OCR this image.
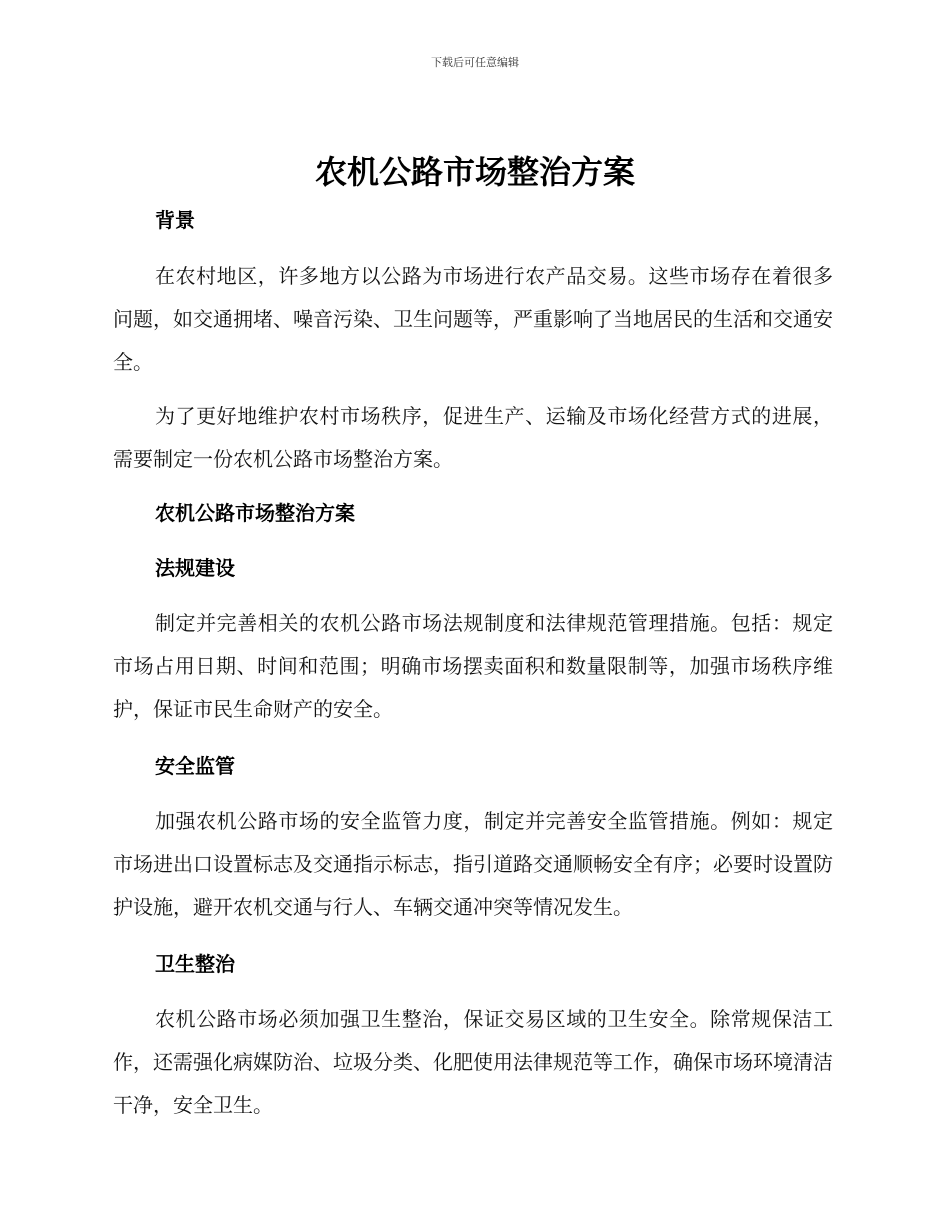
下载后可任意编辑
农机公路市场整治方案
背景

在农村地区，许多地方以公路为市场进行农产品交易。这些市场存在着很多问题，如交通拥堵、噪音污染、卫生问题等，严重影响了当地居民的生活和交通安全。

为了更好地维护农村市场秩序，促进生产、运输及市场化经营方式的进展，需要制定一份农机公路市场整治方案。

农机公路市场整治方案
法规建设

制定并完善相关的农机公路市场法规制度和法律规范管理措施。包括：规定市场占用日期、时间和范围；明确市场摆卖面积和数量限制等，加强市场秩序维护，保证市民生命财产的安全。

安全监管

加强农机公路市场的安全监管力度，制定并完善安全监管措施。例如：规定市场进出口设置标志及交通指示标志，指引道路交通顺畅安全有序；必要时设置防护设施，避开农机交通与行人、车辆交通冲突等情况发生。

卫生整治

农机公路市场必须加强卫生整治，保证交易区域的卫生安全。除常规保洁工作，还需强化病媒防治、垃圾分类、化肥使用法律规范等工作，确保市场环境清洁干净，安全卫生。
